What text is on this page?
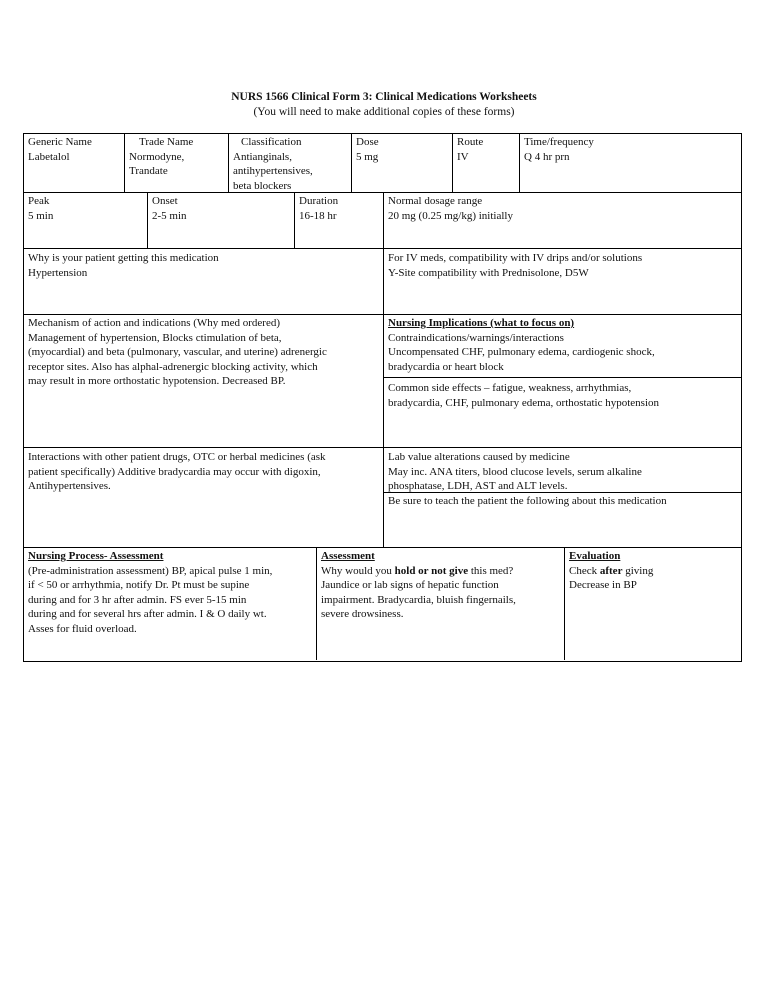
NURS 1566 Clinical Form 3: Clinical Medications Worksheets
(You will need to make additional copies of these forms)
Generic Name
Labetalol
Trade Name
Normodyne,
Trandate
Classification
Antianginals,
antihypertensives,
beta blockers
Dose
5 mg
Route
IV
Time/frequency
Q 4 hr prn
Peak
5 min
Onset
2-5 min
Duration
16-18 hr
Normal dosage range
20 mg (0.25 mg/kg) initially
Why is your patient getting this medication
Hypertension
For IV meds, compatibility with IV drips and/or solutions
Y-Site compatibility with Prednisolone, D5W
Mechanism of action and indications (Why med ordered)
Management of hypertension, Blocks ctimulation of beta,
(myocardial) and beta (pulmonary, vascular, and uterine) adrenergic
receptor sites. Also has alphal-adrenergic blocking activity, which
may result in more orthostatic hypotension. Decreased BP.
Nursing Implications (what to focus on)
Contraindications/warnings/interactions
Uncompensated CHF, pulmonary edema, cardiogenic shock,
bradycardia or heart block
Common side effects – fatigue, weakness, arrhythmias,
bradycardia, CHF, pulmonary edema, orthostatic hypotension
Interactions with other patient drugs, OTC or herbal medicines (ask
patient specifically) Additive bradycardia may occur with digoxin,
Antihypertensives.
Lab value alterations caused by medicine
May inc. ANA titers, blood clucose levels, serum alkaline
phosphatase, LDH, AST and ALT levels.
Be sure to teach the patient the following about this medication
Nursing Process- Assessment
(Pre-administration assessment) BP, apical pulse 1 min,
if < 50 or arrhythmia, notify Dr. Pt must be supine
during and for 3 hr after admin. FS ever 5-15 min
during and for several hrs after admin. I & O daily wt.
Asses for fluid overload.
Assessment
Why would you hold or not give this med?
Jaundice or lab signs of hepatic function
impairment. Bradycardia, bluish fingernails,
severe drowsiness.
Evaluation
Check after giving
Decrease in BP
